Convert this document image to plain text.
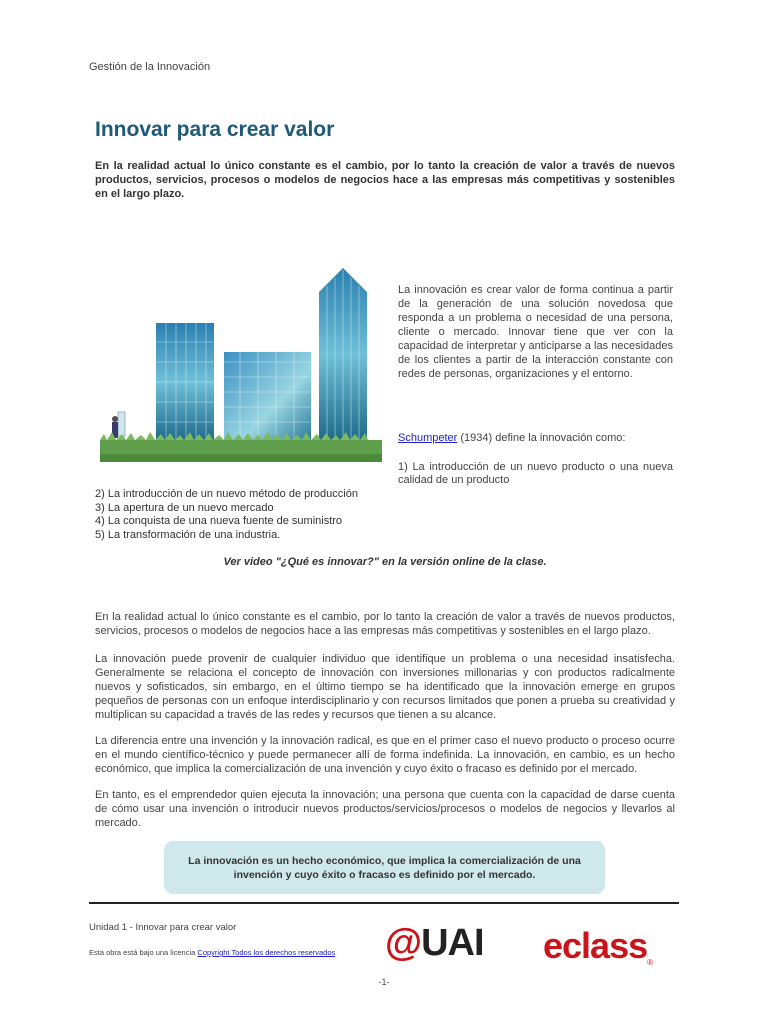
Gestión de la Innovación
Innovar para crear valor
En la realidad actual lo único constante es el cambio, por lo tanto la creación de valor a través de nuevos productos, servicios, procesos o modelos de negocios hace a las empresas más competitivas y sostenibles en el largo plazo.
La innovación es crear valor de forma continua a partir de la generación de una solución novedosa que responda a un problema o necesidad de una persona, cliente o mercado. Innovar tiene que ver con la capacidad de interpretar y anticiparse a las necesidades de los clientes a partir de la interacción constante con redes de personas, organizaciones y el entorno.
Schumpeter (1934) define la innovación como:
1) La introducción de un nuevo producto o una nueva calidad de un producto
2) La introducción de un nuevo método de producción
3) La apertura de un nuevo mercado
4) La conquista de una nueva fuente de suministro
5) La transformación de una industria.
Ver video "¿Qué es innovar?" en la versión online de la clase.
En la realidad actual lo único constante es el cambio, por lo tanto la creación de valor a través de nuevos productos, servicios, procesos o modelos de negocios hace a las empresas más competitivas y sostenibles en el largo plazo.
La innovación puede provenir de cualquier individuo que identifique un problema o una necesidad insatisfecha. Generalmente se relaciona el concepto de innovación con inversiones millonarias y con productos radicalmente nuevos y sofisticados, sin embargo, en el último tiempo se ha identificado que la innovación emerge en grupos pequeños de personas con un enfoque interdisciplinario y con recursos limitados que ponen a prueba su creatividad y multiplican su capacidad a través de las redes y recursos que tienen a su alcance.
La diferencia entre una invención y la innovación radical, es que en el primer caso el nuevo producto o proceso ocurre en el mundo científico-técnico y puede permanecer allí de forma indefinida. La innovación, en cambio, es un hecho económico, que implica la comercialización de una invención y cuyo éxito o fracaso es definido por el mercado.
En tanto, es el emprendedor quien ejecuta la innovación; una persona que cuenta con la capacidad de darse cuenta de cómo usar una invención o introducir nuevos productos/servicios/procesos o modelos de negocios y llevarlos al mercado.
La innovación es un hecho económico, que implica la comercialización de una invención y cuyo éxito o fracaso es definido por el mercado.
Unidad 1 - Innovar para crear valor
Esta obra está bajo una licencia Copyright Todos los derechos reservados @UAI eclass®
-1-
